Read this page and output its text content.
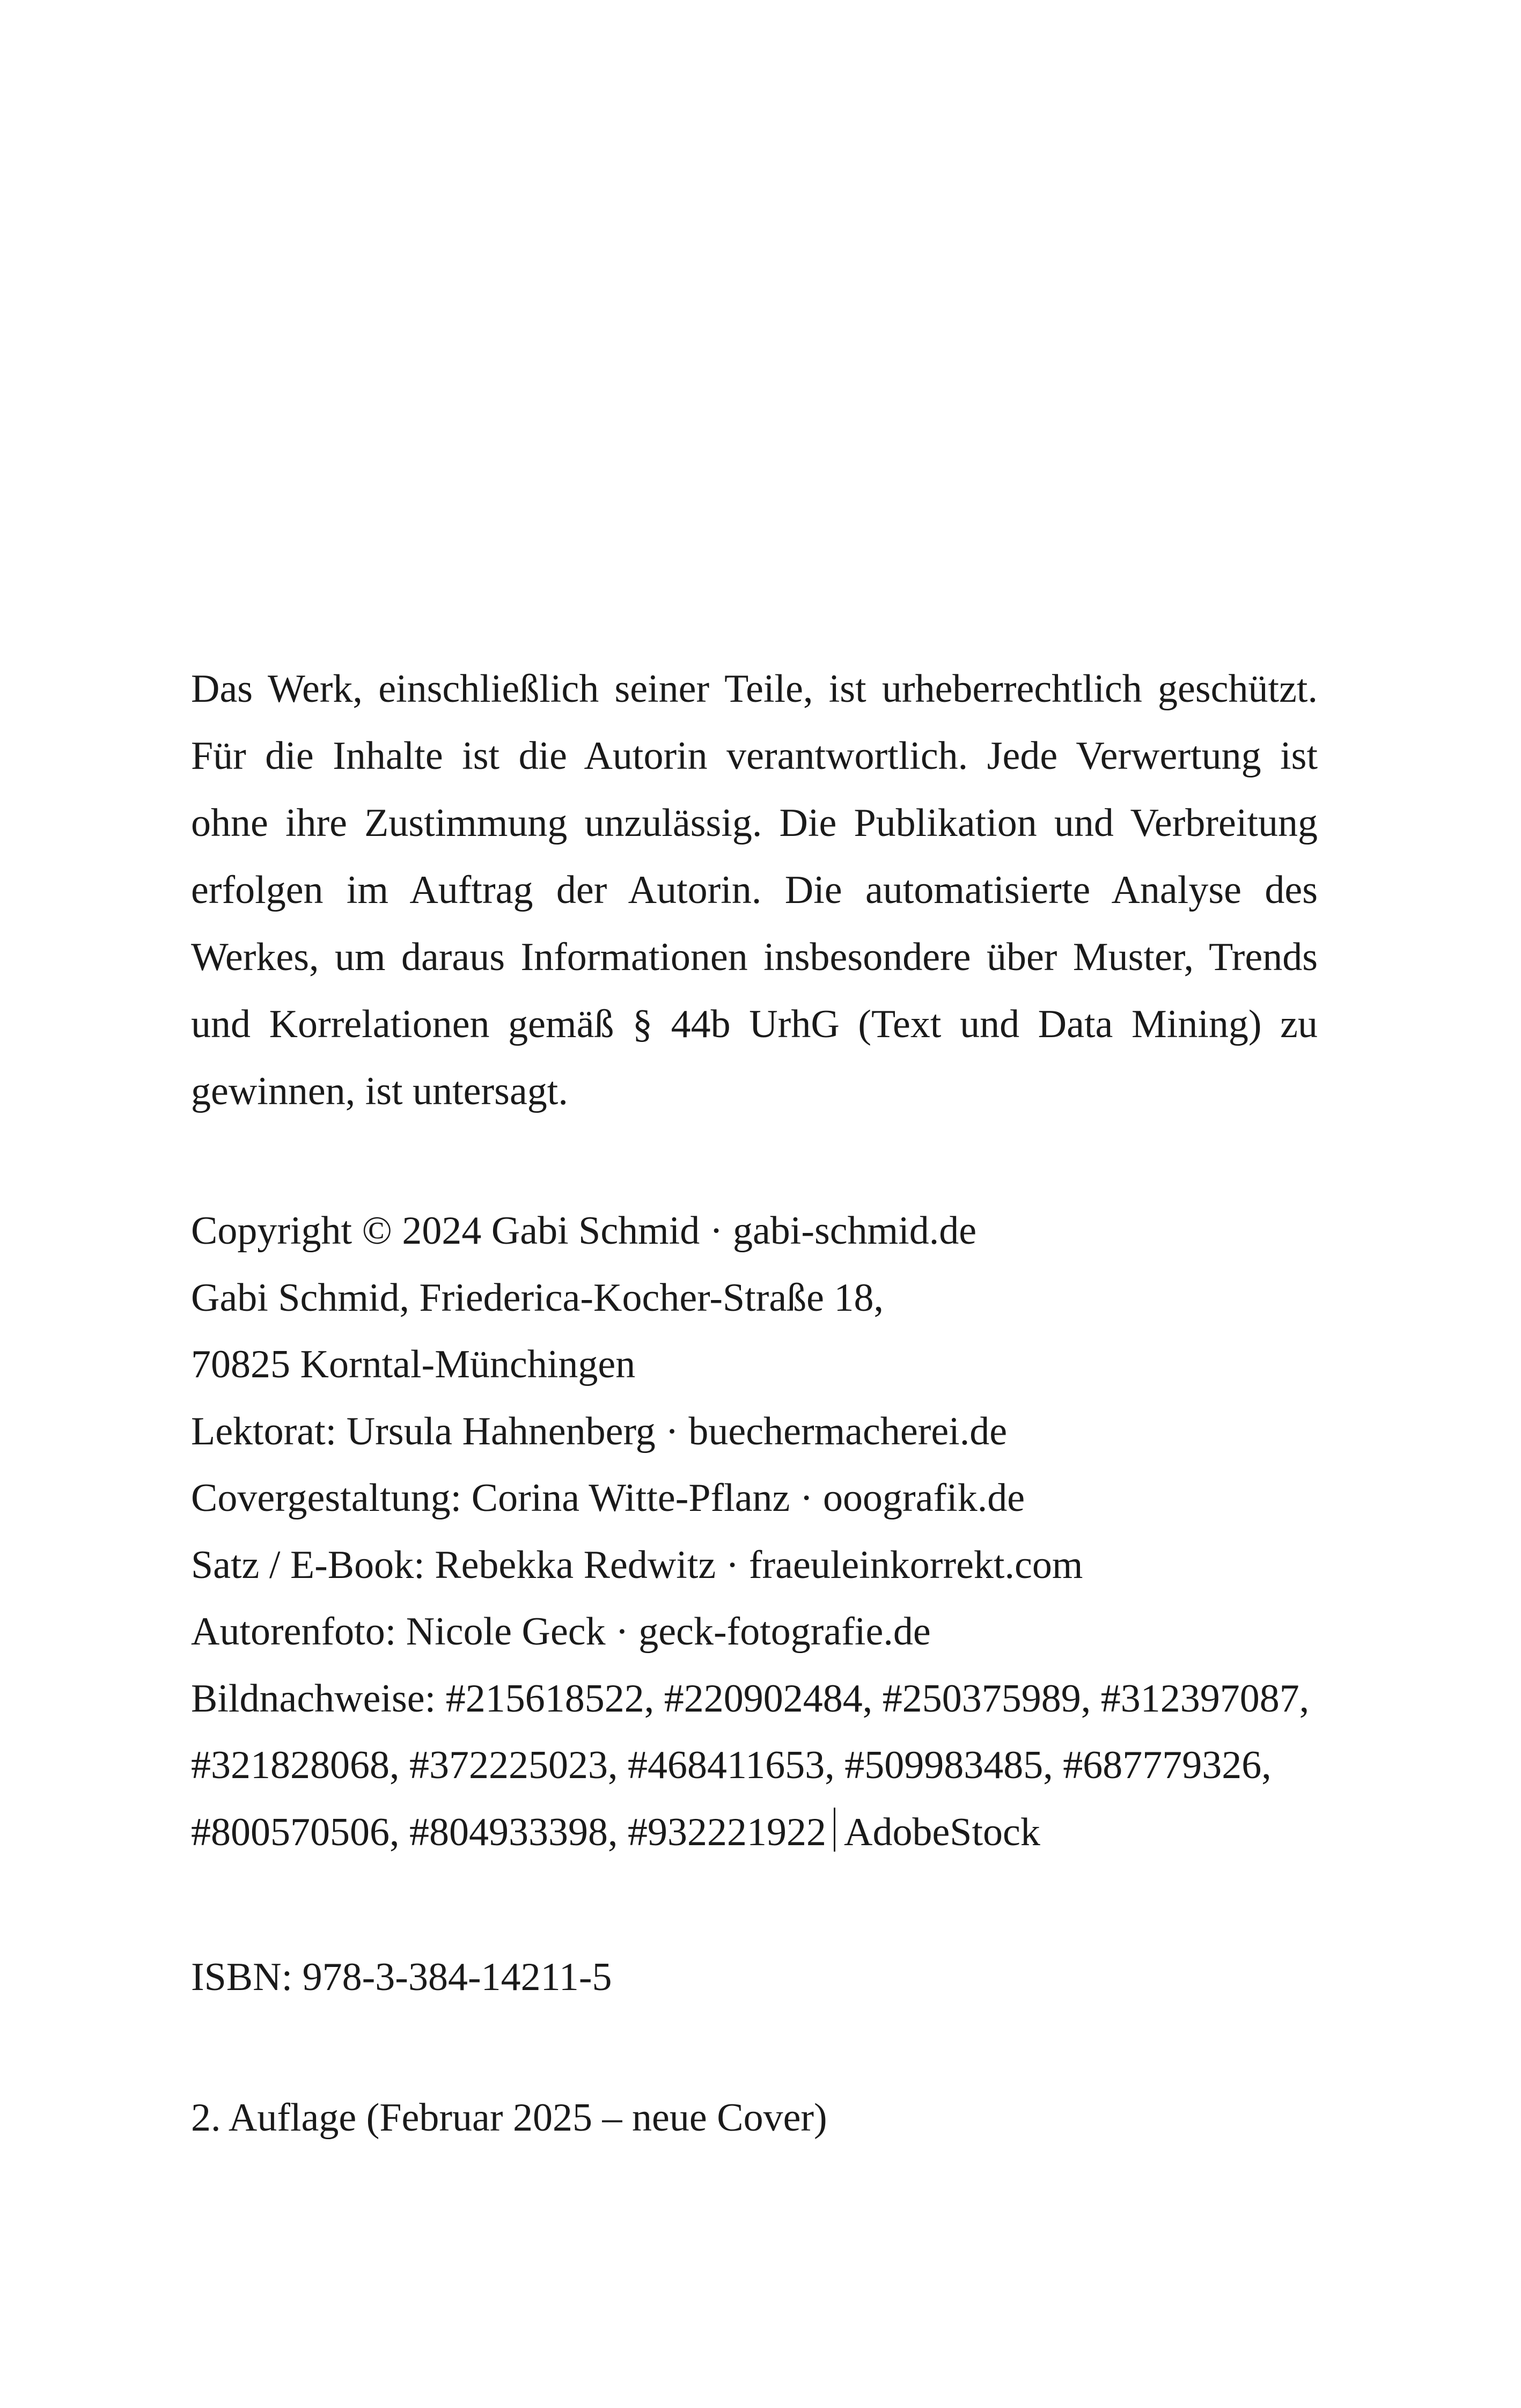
Das Werk, einschließlich seiner Teile, ist urheberrechtlich geschützt. Für die Inhalte ist die Autorin verantwortlich. Jede Verwertung ist ohne ihre Zustimmung unzulässig. Die Publikation und Verbreitung erfolgen im Auftrag der Autorin. Die automatisierte Analyse des Werkes, um daraus Informationen insbesondere über Muster, Trends und Korrelationen gemäß § 44b UrhG (Text und Data Mining) zu gewinnen, ist untersagt.

Copyright © 2024 Gabi Schmid · gabi-schmid.de
Gabi Schmid, Friederica-Kocher-Straße 18,
70825 Korntal-Münchingen
Lektorat: Ursula Hahnenberg · buechermacherei.de
Covergestaltung: Corina Witte-Pflanz · ooografik.de
Satz / E-Book: Rebekka Redwitz · fraeuleinkorrekt.com
Autorenfoto: Nicole Geck · geck-fotografie.de
Bildnachweise: #215618522, #220902484, #250375989, #312397087,
#321828068, #372225023, #468411653, #509983485, #687779326,
#800570506, #804933398, #932221922 AdobeStock
ISBN: 978-3-384-14211-5
2. Auflage (Februar 2025 – neue Cover)
